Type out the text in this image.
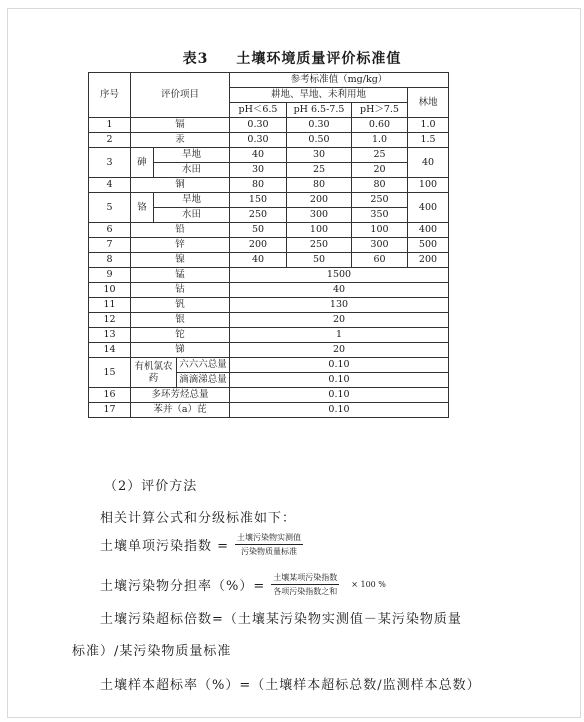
表3 土壤环境质量评价标准值
序号	评价项目			参考标准值（mg/kg）			
				耕地、旱地、未利用地			林地
				pH＜6.5	pH 6.5-7.5	pH＞7.5	
1	镉			0.30	0.30	0.60	1.0
2	汞			0.30	0.50	1.0	1.5
3	砷	旱地		40	30	25	40
		水田		30	25	20	
4	铜			80	80	80	100
5	铬	旱地		150	200	250	400
		水田		250	300	350	
6	铅			50	100	100	400
7	锌			200	250	300	500
8	镍			40	50	60	200
9	锰			1500			
10	钴			40			
11	钒			130			
12	银			20			
13	铊			1			
14	锑			20			
15	有机氯农药		六六六总量	0.10			
			滴滴涕总量	0.10			
16	多环芳烃总量			0.10			
17	苯并（a）芘			0.10			
（2）评价方法
相关计算公式和分级标准如下：
土壤单项污染指数 = $\frac{\text{土壤污染物实测值}}{\text{污染物质量标准}}$
土壤污染物分担率（%）= $\frac{\text{土壤某项污染指数}}{\text{各项污染指数之和}} \times 100$ %
土壤污染超标倍数=（土壤某污染物实测值－某污染物质量
标准）/某污染物质量标准
土壤样本超标率（%）=（土壤样本超标总数/监测样本总数）
